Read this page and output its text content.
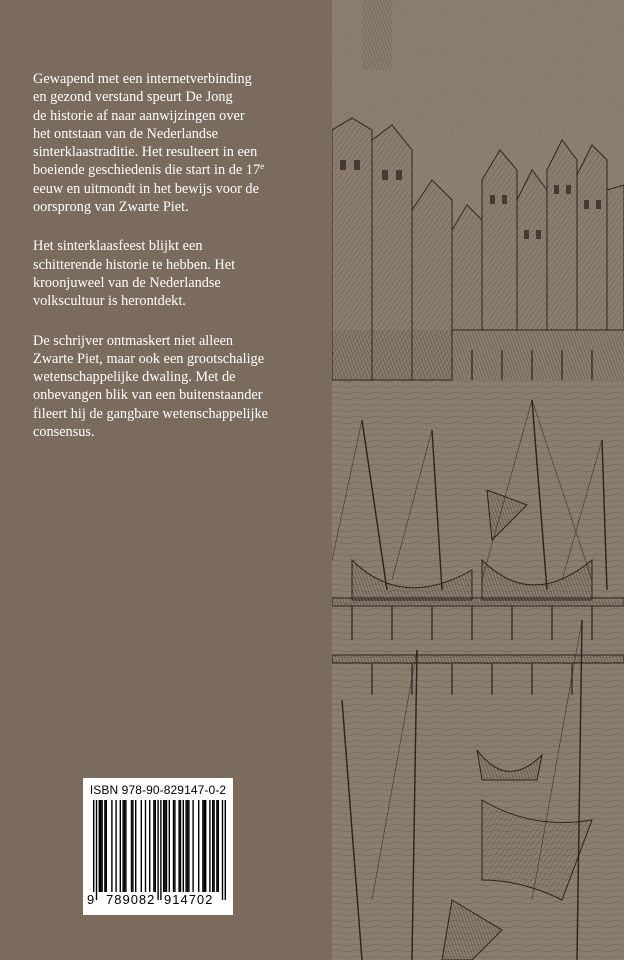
Gewapend met een internetverbinding
en gezond verstand speurt De Jong
de historie af naar aanwijzingen over
het ontstaan van de Nederlandse
sinterklaastraditie. Het resulteert in een
boeiende geschiedenis die start in de 17e
eeuw en uitmondt in het bewijs voor de
oorsprong van Zwarte Piet.

Het sinterklaasfeest blijkt een
schitterende historie te hebben. Het
kroonjuweel van de Nederlandse
volkscultuur is herontdekt.

De schrijver ontmaskert niet alleen
Zwarte Piet, maar ook een grootschalige
wetenschappelijke dwaling. Met de
onbevangen blik van een buitenstaander
fileert hij de gangbare wetenschappelijke
consensus.

ISBN 978-90-829147-0-2
9 789082 914702
